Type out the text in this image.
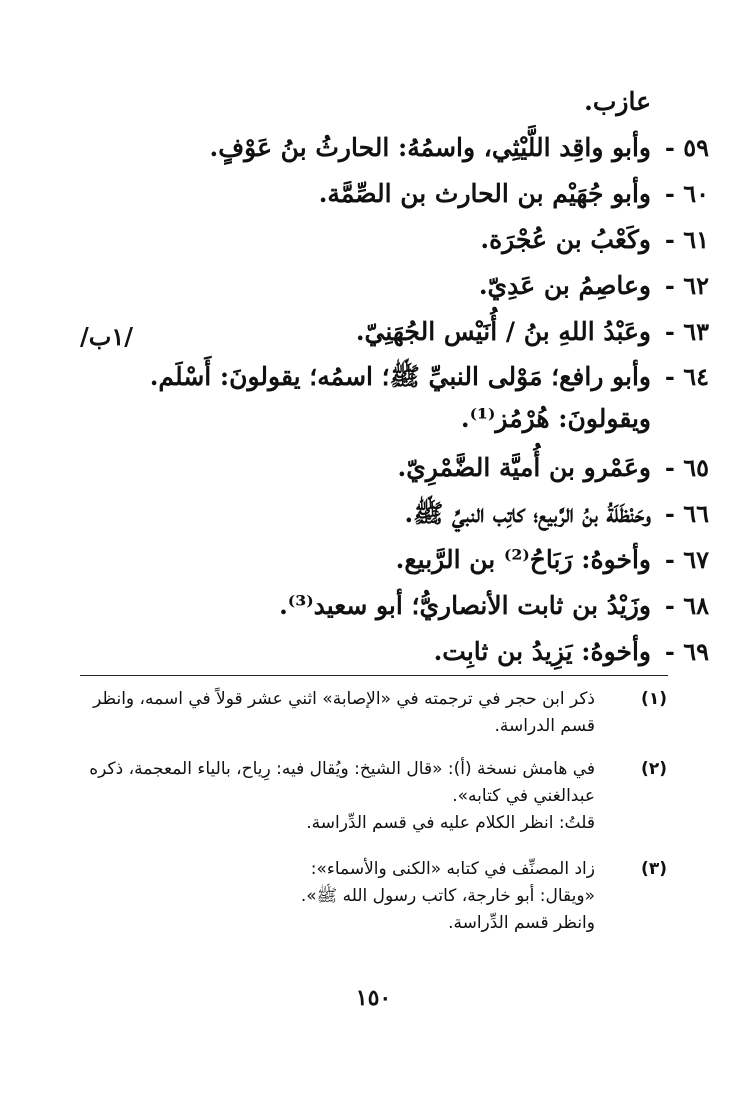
عازب.
٥٩ -
وأبو واقِد اللَّيْثِي، واسمُهُ: الحارثُ بنُ عَوْفٍ.
٦٠ -
وأبو جُهَيْم بن الحارث بن الصِّمَّة.
٦١ -
وكَعْبُ بن عُجْرَة.
٦٢ -
وعاصِمُ بن عَدِيّ.
٦٣ -
وعَبْدُ اللهِ بنُ / أُنَيْس الجُهَنِيّ.
/١ب/
٦٤ -
وأبو رافع؛ مَوْلى النبيِّ ﷺ؛ اسمُه؛ يقولونَ: أَسْلَم. ويقولونَ: هُرْمُز⁽¹⁾.
٦٥ -
وعَمْرو بن أُميَّة الضَّمْرِيّ.
٦٦ -
وحَنْظَلَةُ بنُ الرَّبيع؛ كاتِب النبيِّ ﷺ.
٦٧ -
وأخوهُ: رَبَاحُ⁽²⁾ بن الرَّبيع.
٦٨ -
وزَيْدُ بن ثابت الأنصاريُّ؛ أبو سعيد⁽³⁾.
٦٩ -
وأخوهُ: يَزِيدُ بن ثابِت.
(١)

ذكر ابن حجر في ترجمته في «الإصابة» اثني عشر قولاً في اسمه، وانظر قسم الدراسة.

(٢)

في هامش نسخة (أ): «قال الشيخ: ويُقال فيه: رِياح، بالياء المعجمة، ذكره عبدالغني في كتابه».

قلتُ: انظر الكلام عليه في قسم الدِّراسة.

(٣)

زاد المصنِّف في كتابه «الكنى والأسماء»:

«ويقال: أبو خارجة، كاتب رسول الله ﷺ».

وانظر قسم الدِّراسة.

١٥٠
